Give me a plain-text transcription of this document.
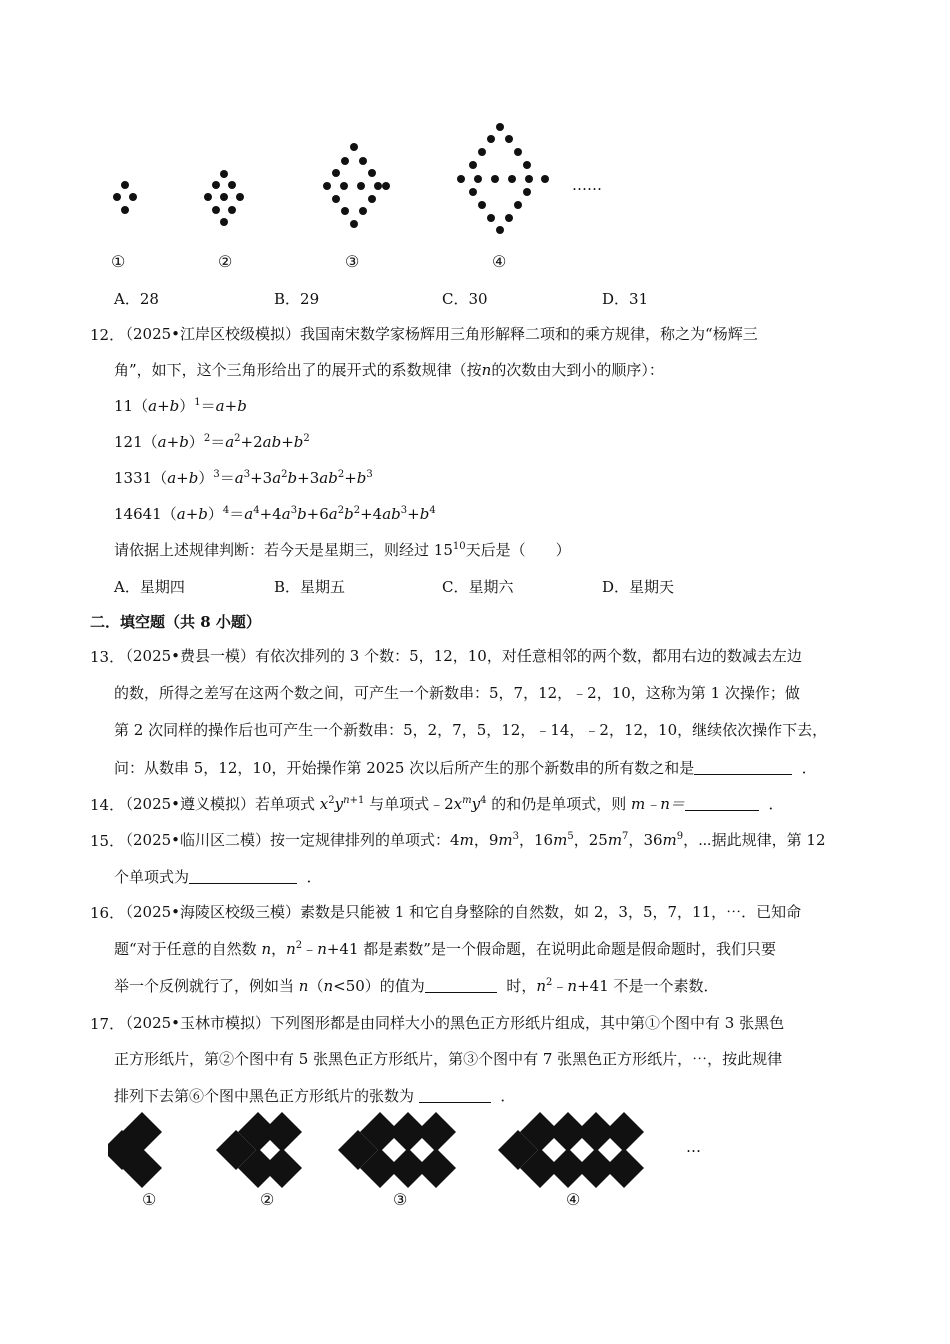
……
①	②	③	④
A．28	B．29	C．30	D．31
12．
（2025•江岸区校级模拟）我国南宋数学家杨辉用三角形解释二项和的乘方规律，称之为“杨辉三
角”，如下，这个三角形给出了的展开式的系数规律（按n的次数由大到小的顺序）：
$11(a+b)^1=a+b$
$121(a+b)^2=a^2+2ab+b^2$
$1331(a+b)^3=a^3+3a^2b+3ab^2+b^3$
$14641(a+b)^4=a^4+4a^3b+6a^2b^2+4ab^3+b^4$
请依据上述规律判断：若今天是星期三，则经过 $15^{10}$天后是（　　）
A．星期四	B．星期五	C．星期六	D．星期天
二．填空题（共 8 小题）
13．
（2025•费县一模）有依次排列的 3 个数：5，12，10，对任意相邻的两个数，都用右边的数减去左边
的数，所得之差写在这两个数之间，可产生一个新数串：5，7，12，﹣2，10，这称为第 1 次操作；做
第 2 次同样的操作后也可产生一个新数串：5，2，7，5，12，﹣14，﹣2，12，10，继续依次操作下去，
问：从数串 5，12，10，开始操作第 2025 次以后所产生的那个新数串的所有数之和是	．
14．
（2025•遵义模拟）若单项式 $x^2y^{n+1}$ 与单项式$﹣2x^my^4$ 的和仍是单项式，则 m﹣n＝	．
15．
（2025•临川区二模）按一定规律排列的单项式：4m，$9m^3$，$16m^5$，$25m^7$，$36m^9$，⋯据此规律，第 12
个单项式为	．
16．
（2025•海陵区校级三模）素数是只能被 1 和它自身整除的自然数，如 2，3，5，7，11，⋯．已知命
题“对于任意的自然数 n，$n^2﹣n+41$ 都是素数”是一个假命题，在说明此命题是假命题时，我们只要
举一个反例就行了，例如当 n（n<50）的值为	时，$n^2﹣n+41$ 不是一个素数．
17．
（2025•玉林市模拟）下列图形都是由同样大小的黑色正方形纸片组成，其中第①个图中有 3 张黑色
正方形纸片，第②个图中有 5 张黑色正方形纸片，第③个图中有 7 张黑色正方形纸片，⋯，按此规律
排列下去第⑥个图中黑色正方形纸片的张数为	．
…
①	②	③	④
